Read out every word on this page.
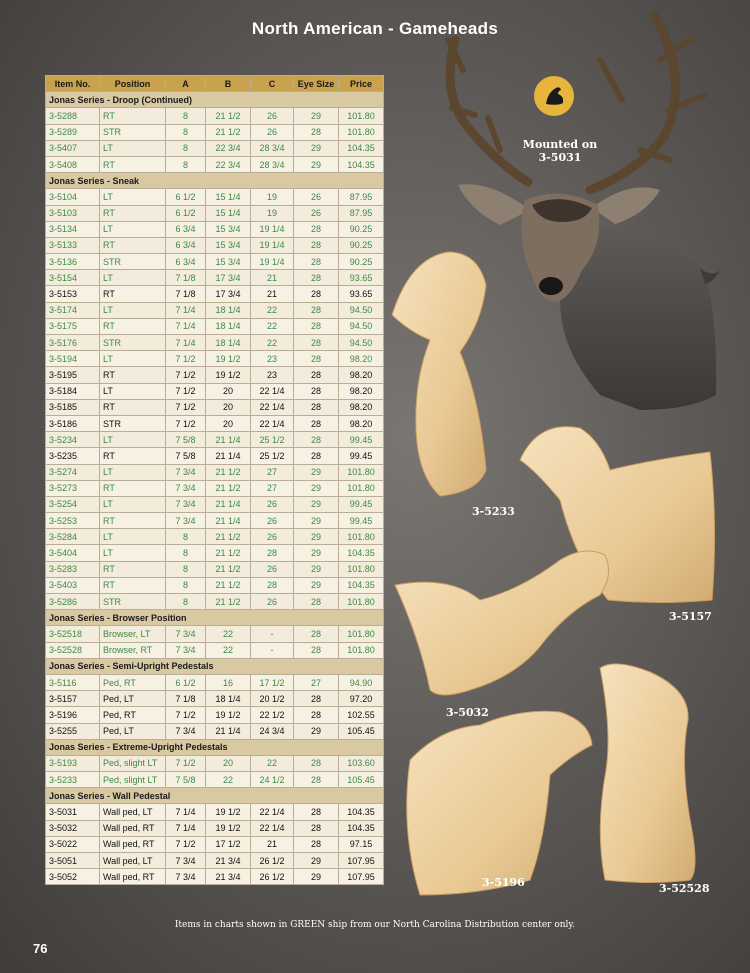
North American - Gameheads
Item No.	Position	A	B	C	Eye Size	Price
Jonas Series - Droop (Continued)						
3-5288	RT	8	21 1/2	26	29	101.80
3-5289	STR	8	21 1/2	26	28	101.80
3-5407	LT	8	22 3/4	28 3/4	29	104.35
3-5408	RT	8	22 3/4	28 3/4	29	104.35
Jonas Series - Sneak						
3-5104	LT	6 1/2	15 1/4	19	26	87.95
3-5103	RT	6 1/2	15 1/4	19	26	87.95
3-5134	LT	6 3/4	15 3/4	19 1/4	28	90.25
3-5133	RT	6 3/4	15 3/4	19 1/4	28	90.25
3-5136	STR	6 3/4	15 3/4	19 1/4	28	90.25
3-5154	LT	7 1/8	17 3/4	21	28	93.65
3-5153	RT	7 1/8	17 3/4	21	28	93.65
3-5174	LT	7 1/4	18 1/4	22	28	94.50
3-5175	RT	7 1/4	18 1/4	22	28	94.50
3-5176	STR	7 1/4	18 1/4	22	28	94.50
3-5194	LT	7 1/2	19 1/2	23	28	98.20
3-5195	RT	7 1/2	19 1/2	23	28	98.20
3-5184	LT	7 1/2	20	22 1/4	28	98.20
3-5185	RT	7 1/2	20	22 1/4	28	98.20
3-5186	STR	7 1/2	20	22 1/4	28	98.20
3-5234	LT	7 5/8	21 1/4	25 1/2	28	99.45
3-5235	RT	7 5/8	21 1/4	25 1/2	28	99.45
3-5274	LT	7 3/4	21 1/2	27	29	101.80
3-5273	RT	7 3/4	21 1/2	27	29	101.80
3-5254	LT	7 3/4	21 1/4	26	29	99.45
3-5253	RT	7 3/4	21 1/4	26	29	99.45
3-5284	LT	8	21 1/2	26	29	101.80
3-5404	LT	8	21 1/2	28	29	104.35
3-5283	RT	8	21 1/2	26	29	101.80
3-5403	RT	8	21 1/2	28	29	104.35
3-5286	STR	8	21 1/2	26	28	101.80
Jonas Series - Browser Position						
3-52518	Browser, LT	7 3/4	22	-	28	101.80
3-52528	Browser, RT	7 3/4	22	-	28	101.80
Jonas Series - Semi-Upright Pedestals						
3-5116	Ped, RT	6 1/2	16	17 1/2	27	94.90
3-5157	Ped, LT	7 1/8	18 1/4	20 1/2	28	97.20
3-5196	Ped, RT	7 1/2	19 1/2	22 1/2	28	102.55
3-5255	Ped, LT	7 3/4	21 1/4	24 3/4	29	105.45
Jonas Series - Extreme-Upright Pedestals						
3-5193	Ped, slight LT	7 1/2	20	22	28	103.60
3-5233	Ped, slight LT	7 5/8	22	24 1/2	28	105.45
Jonas Series - Wall Pedestal						
3-5031	Wall ped, LT	7 1/4	19 1/2	22 1/4	28	104.35
3-5032	Wall ped, RT	7 1/4	19 1/2	22 1/4	28	104.35
3-5022	Wall ped, RT	7 1/2	17 1/2	21	28	97.15
3-5051	Wall ped, LT	7 3/4	21 3/4	26 1/2	29	107.95
3-5052	Wall ped, RT	7 3/4	21 3/4	26 1/2	29	107.95
Mounted on
3-5031
3-5233
3-5157
3-5032
3-5196	3-52528
Items in charts shown in GREEN ship from our North Carolina Distribution center only.
76
